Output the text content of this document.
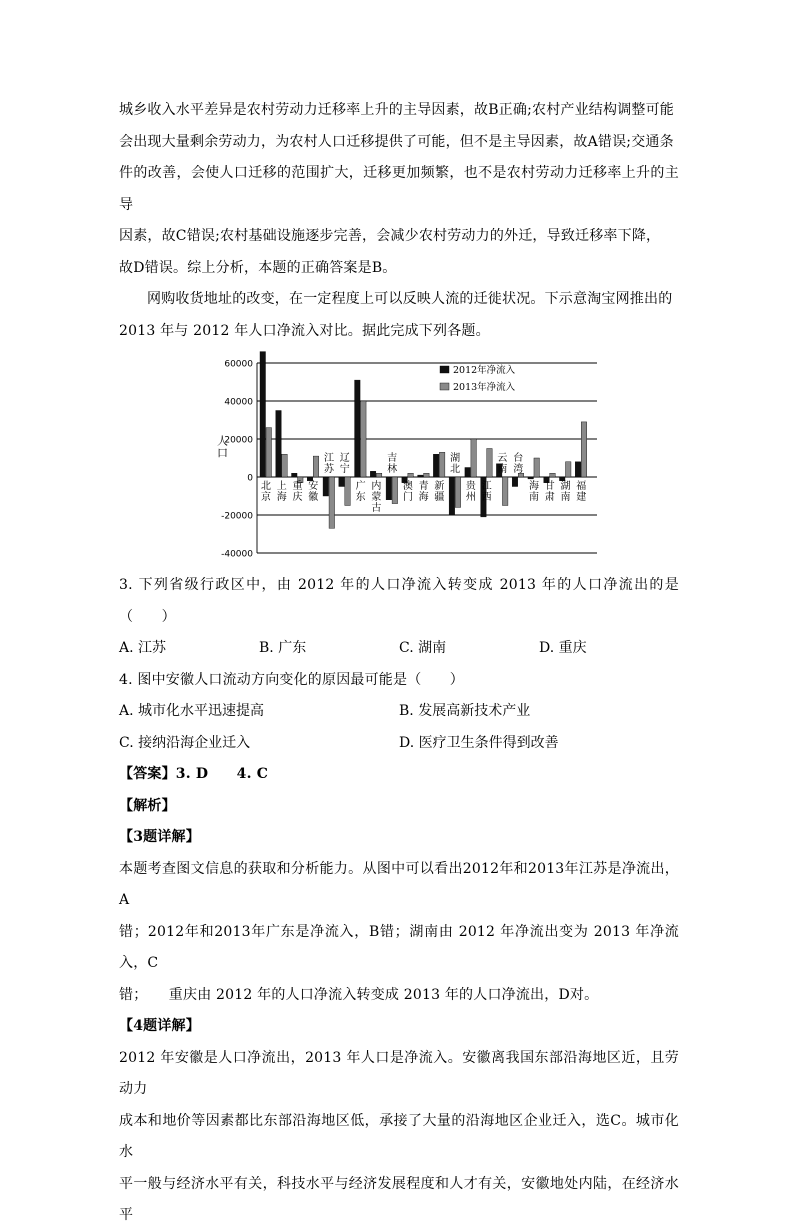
城乡收入水平差异是农村劳动力迁移率上升的主导因素，故B正确;农村产业结构调整可能

会出现大量剩余劳动力，为农村人口迁移提供了可能，但不是主导因素，故A错误;交通条

件的改善，会使人口迁移的范围扩大，迁移更加频繁，也不是农村劳动力迁移率上升的主导

因素，故C错误;农村基础设施逐步完善，会减少农村劳动力的外迁，导致迁移率下降，

故D错误。综上分析，本题的正确答案是B。

网购收货地址的改变，在一定程度上可以反映人流的迁徙状况。下示意淘宝网推出的

2013 年与 2012 年人口净流入对比。据此完成下列各题。

60000
40000
20000
0
-20000
-40000
人
口
北
京
上
海
重
庆
安
徽
江
苏
辽
宁
广
东
内
蒙
古
吉
林
澳
门
青
海
新
疆
湖
北
贵
州
江
西
云
南
台
湾
海
南
甘
肃
湖
南
福
建
2012年净流入
2013年净流入

3. 下列省级行政区中，由 2012 年的人口净流入转变成 2013 年的人口净流出的是（　　）

A. 江苏	B. 广东	C. 湖南	D. 重庆

4. 图中安徽人口流动方向变化的原因最可能是（　　）

A. 城市化水平迅速提高	B. 发展高新技术产业
C. 接纳沿海企业迁入	D. 医疗卫生条件得到改善

【答案】3. D　　4. C

【解析】

【3题详解】

本题考查图文信息的获取和分析能力。从图中可以看出2012年和2013年江苏是净流出，A

错；2012年和2013年广东是净流入，B错；湖南由 2012 年净流出变为 2013 年净流入，C

错；　　重庆由 2012 年的人口净流入转变成 2013 年的人口净流出，D对。

【4题详解】

2012 年安徽是人口净流出，2013 年人口是净流入。安徽离我国东部沿海地区近，且劳动力

成本和地价等因素都比东部沿海地区低，承接了大量的沿海地区企业迁入，选C。城市化水

平一般与经济水平有关，科技水平与经济发展程度和人才有关，安徽地处内陆，在经济水平
